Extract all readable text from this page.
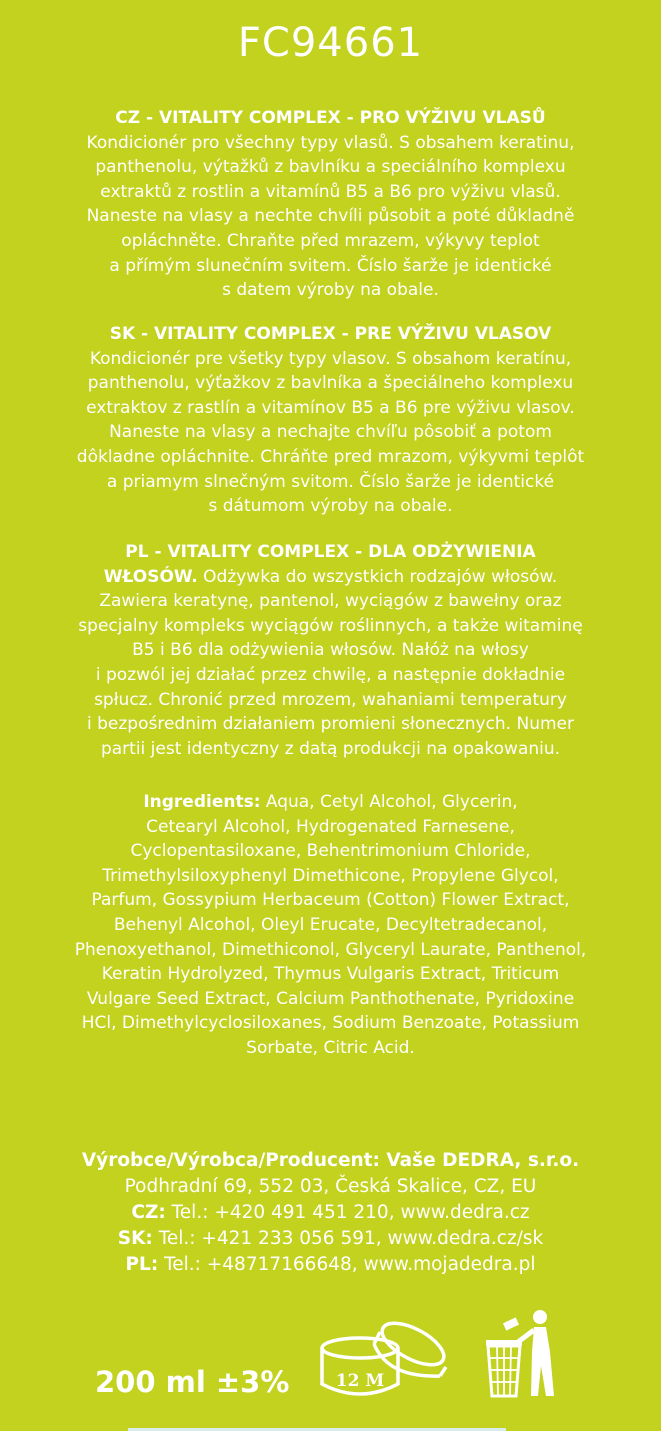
FC94661

CZ - VITALITY COMPLEX - PRO VÝŽIVU VLASŮ

Kondicionér pro všechny typy vlasů. S obsahem keratinu,

panthenolu, výtažků z bavlníku a speciálního komplexu

extraktů z rostlin a vitamínů B5 a B6 pro výživu vlasů.

Naneste na vlasy a nechte chvíli působit a poté důkladně

opláchněte. Chraňte před mrazem, výkyvy teplot

a přímým slunečním svitem. Číslo šarže je identické

s datem výroby na obale.

SK - VITALITY COMPLEX - PRE VÝŽIVU VLASOV

Kondicionér pre všetky typy vlasov. S obsahom keratínu,

panthenolu, výťažkov z bavlníka a špeciálneho komplexu

extraktov z rastlín a vitamínov B5 a B6 pre výživu vlasov.

Naneste na vlasy a nechajte chvíľu pôsobiť a potom

dôkladne opláchnite. Chráňte pred mrazom, výkyvmi teplôt

a priamym slnečným svitom. Číslo šarže je identické

s dátumom výroby na obale.

PL - VITALITY COMPLEX - DLA ODŻYWIENIA

WŁOSÓW. Odżywka do wszystkich rodzajów włosów.

Zawiera keratynę, pantenol, wyciągów z bawełny oraz

specjalny kompleks wyciągów roślinnych, a także witaminę

B5 i B6 dla odżywienia włosów. Nałóż na włosy

i pozwól jej działać przez chwilę, a następnie dokładnie

spłucz. Chronić przed mrozem, wahaniami temperatury

i bezpośrednim działaniem promieni słonecznych. Numer

partii jest identyczny z datą produkcji na opakowaniu.

Ingredients: Aqua, Cetyl Alcohol, Glycerin,

Cetearyl Alcohol, Hydrogenated Farnesene,

Cyclopentasiloxane, Behentrimonium Chloride,

Trimethylsiloxyphenyl Dimethicone, Propylene Glycol,

Parfum, Gossypium Herbaceum (Cotton) Flower Extract,

Behenyl Alcohol, Oleyl Erucate, Decyltetradecanol,

Phenoxyethanol, Dimethiconol, Glyceryl Laurate, Panthenol,

Keratin Hydrolyzed, Thymus Vulgaris Extract, Triticum

Vulgare Seed Extract, Calcium Panthothenate, Pyridoxine

HCl, Dimethylcyclosiloxanes, Sodium Benzoate, Potassium

Sorbate, Citric Acid.

Výrobce/Výrobca/Producent: Vaše DEDRA, s.r.o.

Podhradní 69, 552 03, Česká Skalice, CZ, EU

CZ: Tel.: +420 491 451 210, www.dedra.cz

SK: Tel.: +421 233 056 591, www.dedra.cz/sk

PL: Tel.: +48717166648, www.mojadedra.pl

200 ml ±3%	12 M
